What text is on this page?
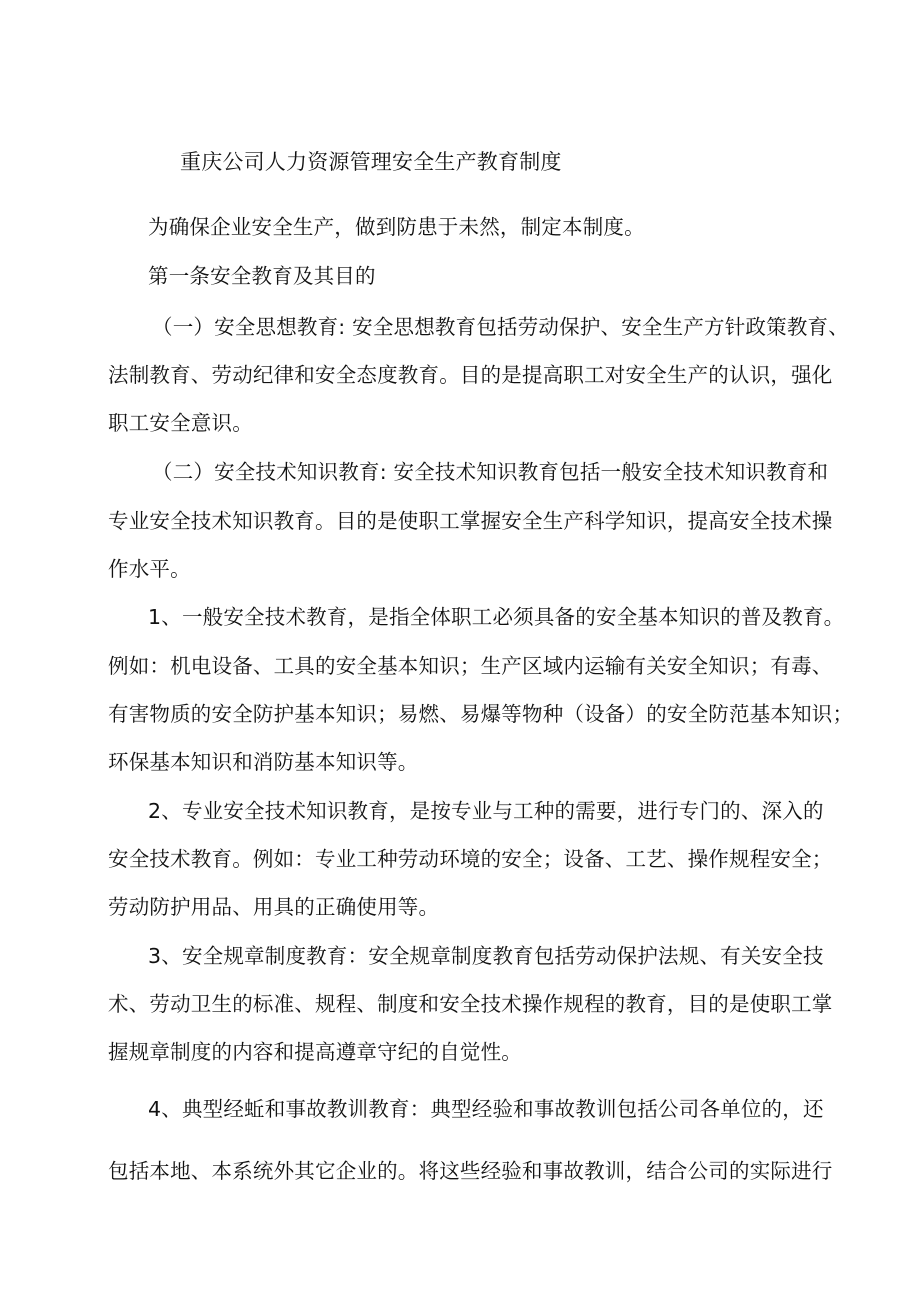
重庆公司人力资源管理安全生产教育制度
为确保企业安全生产，做到防患于未然，制定本制度。
第一条安全教育及其目的
（一）安全思想教育: 安全思想教育包括劳动保护、安全生产方针政策教育、
法制教育、劳动纪律和安全态度教育。目的是提高职工对安全生产的认识，强化
职工安全意识。
（二）安全技术知识教育: 安全技术知识教育包括一般安全技术知识教育和
专业安全技术知识教育。目的是使职工掌握安全生产科学知识，提高安全技术操
作水平。
1、一般安全技术教育，是指全体职工必须具备的安全基本知识的普及教育。
例如：机电设备、工具的安全基本知识；生产区域内运输有关安全知识；有毒、
有害物质的安全防护基本知识；易燃、易爆等物种（设备）的安全防范基本知识；
环保基本知识和消防基本知识等。
2、专业安全技术知识教育，是按专业与工种的需要，进行专门的、深入的
安全技术教育。例如：专业工种劳动环境的安全；设备、工艺、操作规程安全；
劳动防护用品、用具的正确使用等。
3、安全规章制度教育：安全规章制度教育包括劳动保护法规、有关安全技
术、劳动卫生的标准、规程、制度和安全技术操作规程的教育，目的是使职工掌
握规章制度的内容和提高遵章守纪的自觉性。
4、典型经蚯和事故教训教育：典型经验和事故教训包括公司各单位的，还
包括本地、本系统外其它企业的。将这些经验和事故教训，结合公司的实际进行
